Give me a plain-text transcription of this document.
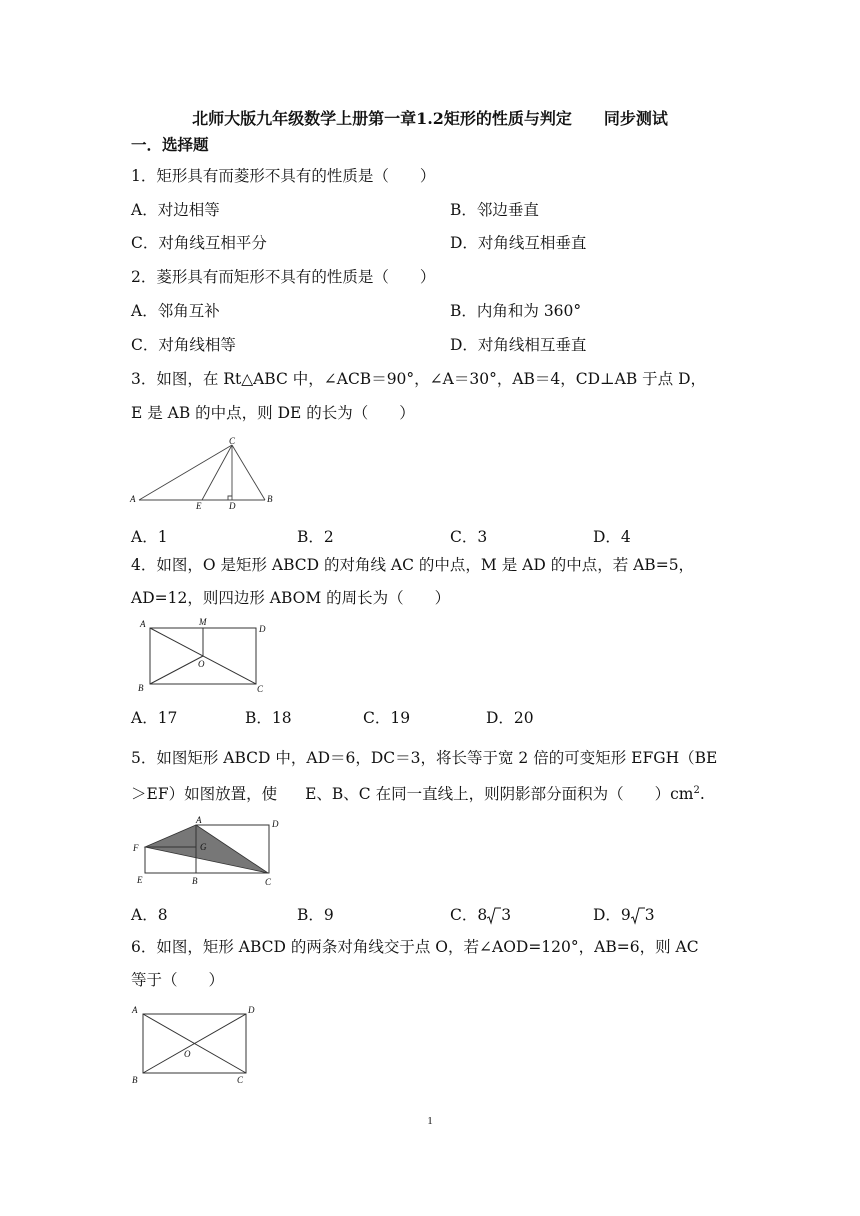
北师大版九年级数学上册第一章1.2矩形的性质与判定 同步测试
一．选择题
1．矩形具有而菱形不具有的性质是（　　）
A．对边相等	B．邻边垂直
C．对角线互相平分	D．对角线互相垂直
2．菱形具有而矩形不具有的性质是（　　）
A．邻角互补	B．内角和为 360°
C．对角线相等	D．对角线相互垂直
3．如图，在 Rt△ABC 中，∠ACB＝90°，∠A＝30°，AB＝4，CD⊥AB 于点 D，
E 是 AB 的中点，则 DE 的长为（　　）
A	B
C
D
E
A．1	B．2	C．3	D．4
4．如图，O 是矩形 ABCD 的对角线 AC 的中点，M 是 AD 的中点，若 AB=5，
AD=12，则四边形 ABOM 的周长为（　　）
A	M
D
O
B	C
A．17	B．18	C．19	D．20
5．如图矩形 ABCD 中，AD＝6，DC＝3，将长等于宽 2 倍的可变矩形 EFGH（BE
＞EF）如图放置，使 E、B、C 在同一直线上，则阴影部分面积为（　　）$cm^2$.
A	D
F	G
E	B	C
A．8	B．9	C．8 3	D．9 3
6．如图，矩形 ABCD 的两条对角线交于点 O，若∠AOD=120°，AB=6，则 AC
等于（　　）
A	D
O
B	C
1
